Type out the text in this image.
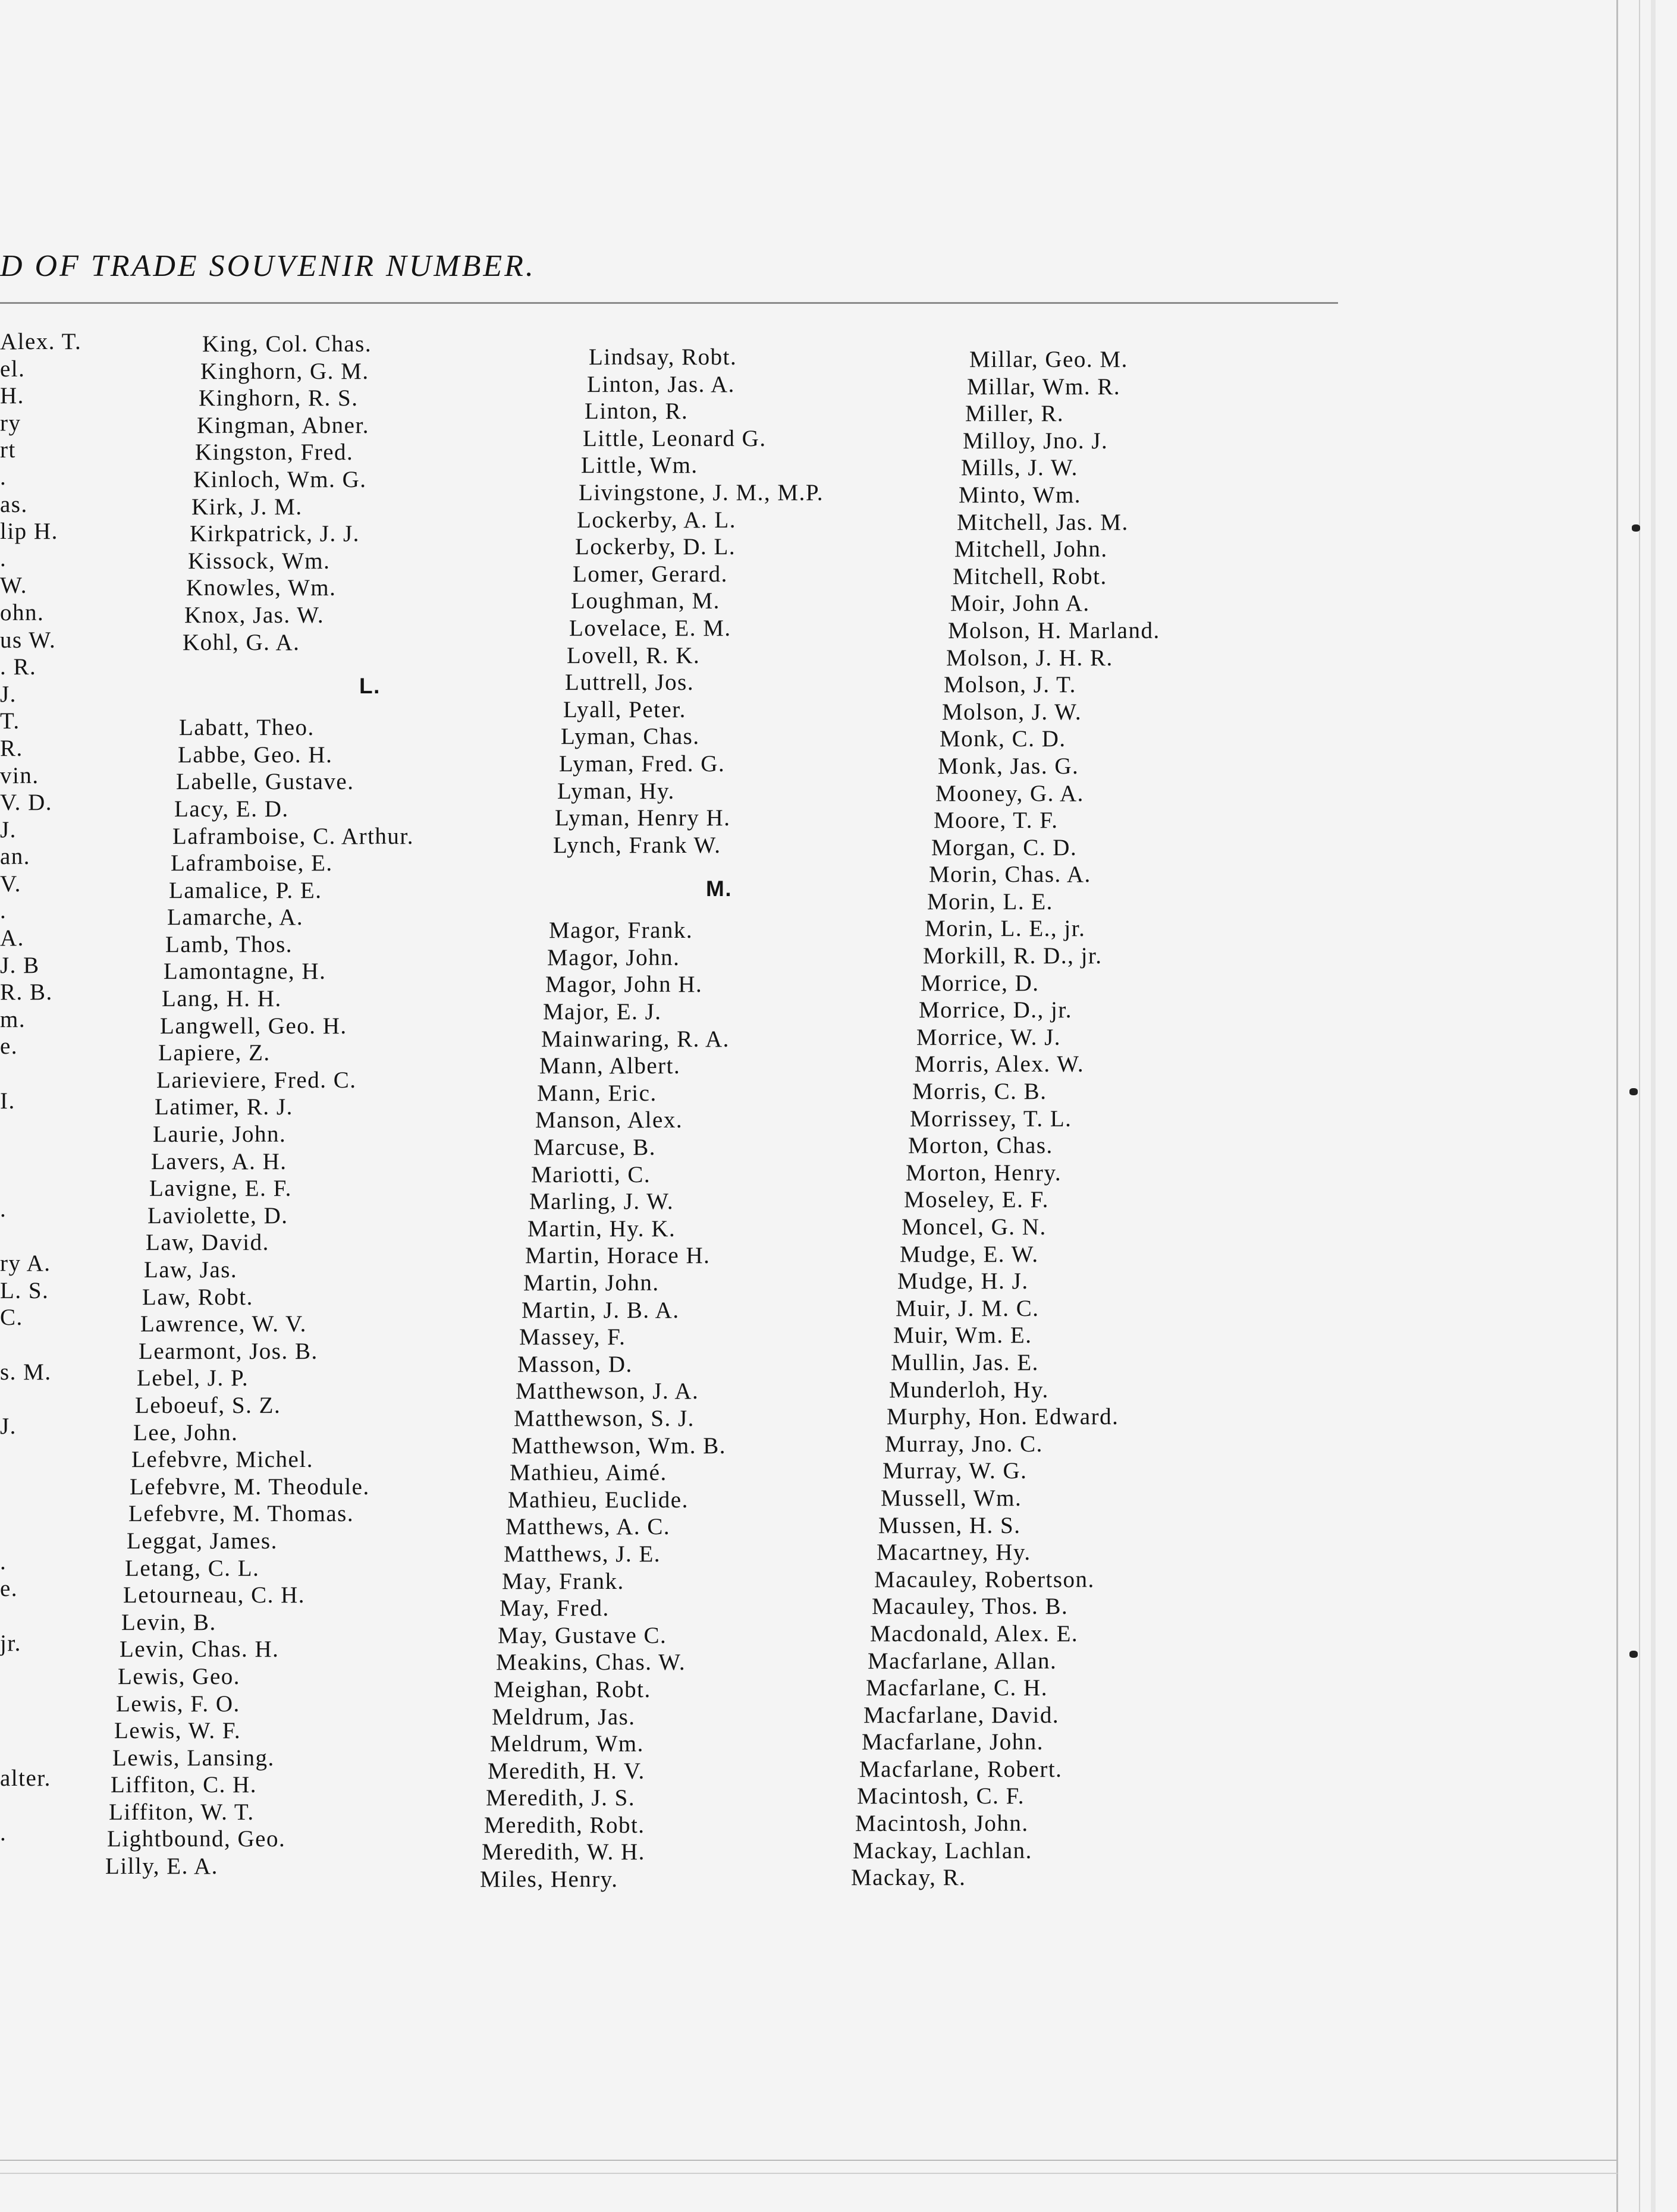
D OF TRADE SOUVENIR NUMBER.
Alex. T.
el.
H.
ry
rt
.
as.
lip H.
.
W.
ohn.
us W.
. R.
J.
T.
R.
vin.
V. D.
J.
an.
V.
.
A.
J. B
R. B.
m.
e.
I.
.
ry A.
L. S.
C.
s. M.
J.
.
e.
jr.
alter.
.
King, Col. Chas.
Kinghorn, G. M.
Kinghorn, R. S.
Kingman, Abner.
Kingston, Fred.
Kinloch, Wm. G.
Kirk, J. M.
Kirkpatrick, J. J.
Kissock, Wm.
Knowles, Wm.
Knox, Jas. W.
Kohl, G. A.
L.
Labatt, Theo.
Labbe, Geo. H.
Labelle, Gustave.
Lacy, E. D.
Laframboise, C. Arthur.
Laframboise, E.
Lamalice, P. E.
Lamarche, A.
Lamb, Thos.
Lamontagne, H.
Lang, H. H.
Langwell, Geo. H.
Lapiere, Z.
Larieviere, Fred. C.
Latimer, R. J.
Laurie, John.
Lavers, A. H.
Lavigne, E. F.
Laviolette, D.
Law, David.
Law, Jas.
Law, Robt.
Lawrence, W. V.
Learmont, Jos. B.
Lebel, J. P.
Leboeuf, S. Z.
Lee, John.
Lefebvre, Michel.
Lefebvre, M. Theodule.
Lefebvre, M. Thomas.
Leggat, James.
Letang, C. L.
Letourneau, C. H.
Levin, B.
Levin, Chas. H.
Lewis, Geo.
Lewis, F. O.
Lewis, W. F.
Lewis, Lansing.
Liffiton, C. H.
Liffiton, W. T.
Lightbound, Geo.
Lilly, E. A.
Lindsay, Robt.
Linton, Jas. A.
Linton, R.
Little, Leonard G.
Little, Wm.
Livingstone, J. M., M.P.
Lockerby, A. L.
Lockerby, D. L.
Lomer, Gerard.
Loughman, M.
Lovelace, E. M.
Lovell, R. K.
Luttrell, Jos.
Lyall, Peter.
Lyman, Chas.
Lyman, Fred. G.
Lyman, Hy.
Lyman, Henry H.
Lynch, Frank W.
M.
Magor, Frank.
Magor, John.
Magor, John H.
Major, E. J.
Mainwaring, R. A.
Mann, Albert.
Mann, Eric.
Manson, Alex.
Marcuse, B.
Mariotti, C.
Marling, J. W.
Martin, Hy. K.
Martin, Horace H.
Martin, John.
Martin, J. B. A.
Massey, F.
Masson, D.
Matthewson, J. A.
Matthewson, S. J.
Matthewson, Wm. B.
Mathieu, Aimé.
Mathieu, Euclide.
Matthews, A. C.
Matthews, J. E.
May, Frank.
May, Fred.
May, Gustave C.
Meakins, Chas. W.
Meighan, Robt.
Meldrum, Jas.
Meldrum, Wm.
Meredith, H. V.
Meredith, J. S.
Meredith, Robt.
Meredith, W. H.
Miles, Henry.
Millar, Geo. M.
Millar, Wm. R.
Miller, R.
Milloy, Jno. J.
Mills, J. W.
Minto, Wm.
Mitchell, Jas. M.
Mitchell, John.
Mitchell, Robt.
Moir, John A.
Molson, H. Marland.
Molson, J. H. R.
Molson, J. T.
Molson, J. W.
Monk, C. D.
Monk, Jas. G.
Mooney, G. A.
Moore, T. F.
Morgan, C. D.
Morin, Chas. A.
Morin, L. E.
Morin, L. E., jr.
Morkill, R. D., jr.
Morrice, D.
Morrice, D., jr.
Morrice, W. J.
Morris, Alex. W.
Morris, C. B.
Morrissey, T. L.
Morton, Chas.
Morton, Henry.
Moseley, E. F.
Moncel, G. N.
Mudge, E. W.
Mudge, H. J.
Muir, J. M. C.
Muir, Wm. E.
Mullin, Jas. E.
Munderloh, Hy.
Murphy, Hon. Edward.
Murray, Jno. C.
Murray, W. G.
Mussell, Wm.
Mussen, H. S.
Macartney, Hy.
Macauley, Robertson.
Macauley, Thos. B.
Macdonald, Alex. E.
Macfarlane, Allan.
Macfarlane, C. H.
Macfarlane, David.
Macfarlane, John.
Macfarlane, Robert.
Macintosh, C. F.
Macintosh, John.
Mackay, Lachlan.
Mackay, R.
